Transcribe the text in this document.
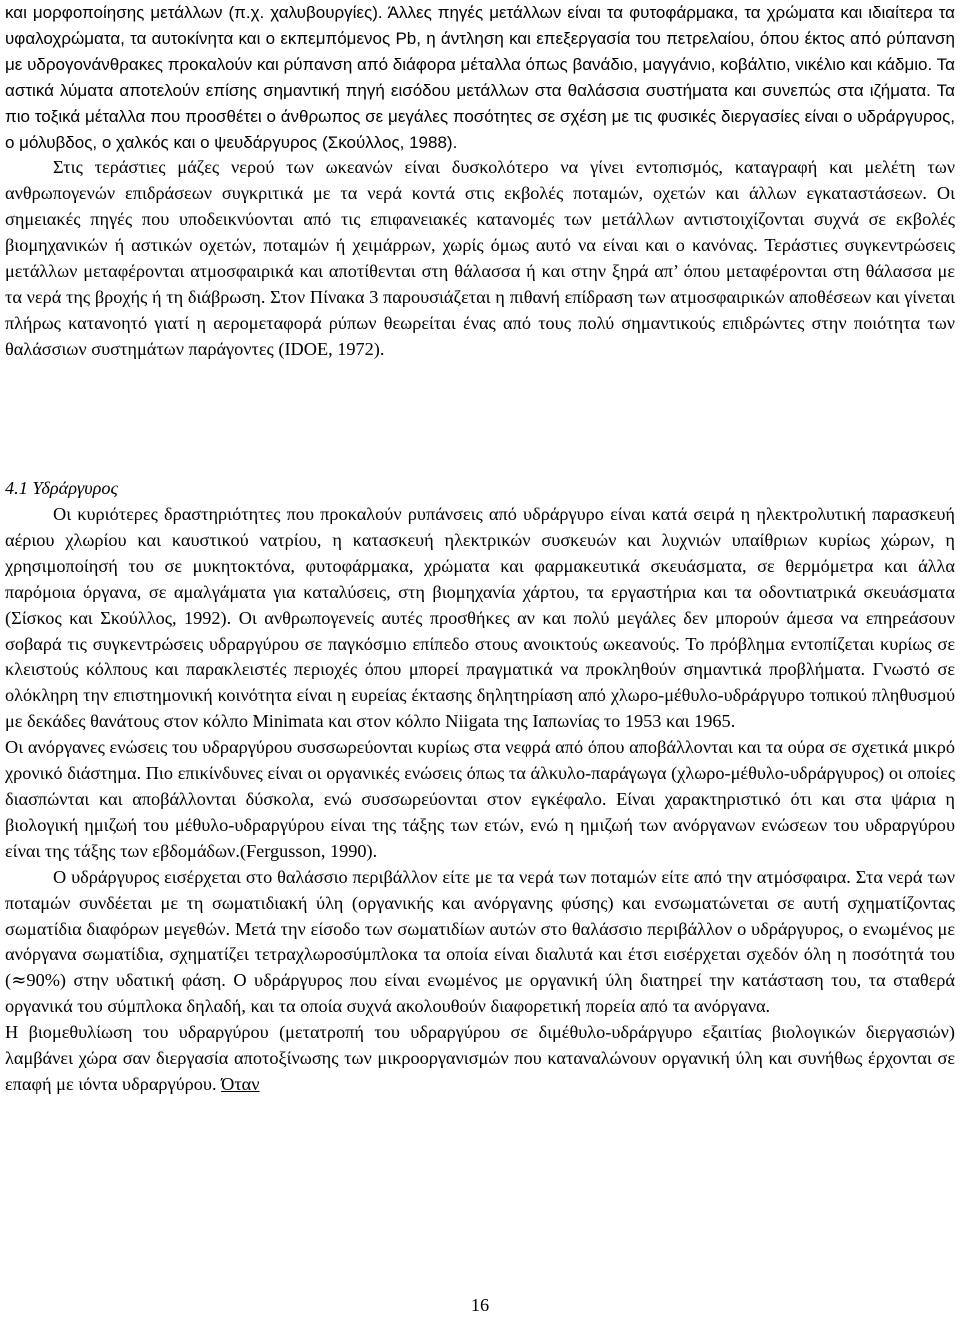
και μορφοποίησης μετάλλων (π.χ. χαλυβουργίες). Άλλες πηγές μετάλλων είναι τα φυτοφάρμακα, τα χρώματα και ιδιαίτερα τα υφαλοχρώματα, τα αυτοκίνητα και ο εκπεμπόμενος Pb, η άντληση και επεξεργασία του πετρελαίου, όπου έκτος από ρύπανση με υδρογονάνθρακες προκαλούν και ρύπανση από διάφορα μέταλλα όπως βανάδιο, μαγγάνιο, κοβάλτιο, νικέλιο και κάδμιο. Τα αστικά λύματα αποτελούν επίσης σημαντική πηγή εισόδου μετάλλων στα θαλάσσια συστήματα και συνεπώς στα ιζήματα. Τα πιο τοξικά μέταλλα που προσθέτει ο άνθρωπος σε μεγάλες ποσότητες σε σχέση με τις φυσικές διεργασίες είναι ο υδράργυρος, ο μόλυβδος, ο χαλκός και ο ψευδάργυρος (Σκούλλος, 1988).
Στις τεράστιες μάζες νερού των ωκεανών είναι δυσκολότερο να γίνει εντοπισμός, καταγραφή και μελέτη των ανθρωπογενών επιδράσεων συγκριτικά με τα νερά κοντά στις εκβολές ποταμών, οχετών και άλλων εγκαταστάσεων. Οι σημειακές πηγές που υποδεικνύονται από τις επιφανειακές κατανομές των μετάλλων αντιστοιχίζονται συχνά σε εκβολές βιομηχανικών ή αστικών οχετών, ποταμών ή χειμάρρων, χωρίς όμως αυτό να είναι και ο κανόνας. Τεράστιες συγκεντρώσεις μετάλλων μεταφέρονται ατμοσφαιρικά και αποτίθενται στη θάλασσα ή και στην ξηρά απ’ όπου μεταφέρονται στη θάλασσα με τα νερά της βροχής ή τη διάβρωση. Στον Πίνακα 3 παρουσιάζεται η πιθανή επίδραση των ατμοσφαιρικών αποθέσεων και γίνεται πλήρως κατανοητό γιατί η αερομεταφορά ρύπων θεωρείται ένας από τους πολύ σημαντικούς επιδρώντες στην ποιότητα των θαλάσσιων συστημάτων παράγοντες (IDOE, 1972).
4.1 Υδράργυρος
Οι κυριότερες δραστηριότητες που προκαλούν ρυπάνσεις από υδράργυρο είναι κατά σειρά η ηλεκτρολυτική παρασκευή αέριου χλωρίου και καυστικού νατρίου, η κατασκευή ηλεκτρικών συσκευών και λυχνιών υπαίθριων κυρίως χώρων, η χρησιμοποίησή του σε μυκητοκτόνα, φυτοφάρμακα, χρώματα και φαρμακευτικά σκευάσματα, σε θερμόμετρα και άλλα παρόμοια όργανα, σε αμαλγάματα για καταλύσεις, στη βιομηχανία χάρτου, τα εργαστήρια και τα οδοντιατρικά σκευάσματα (Σίσκος και Σκούλλος, 1992). Οι ανθρωπογενείς αυτές προσθήκες αν και πολύ μεγάλες δεν μπορούν άμεσα να επηρεάσουν σοβαρά τις συγκεντρώσεις υδραργύρου σε παγκόσμιο επίπεδο στους ανοικτούς ωκεανούς. Το πρόβλημα εντοπίζεται κυρίως σε κλειστούς κόλπους και παρακλειστές περιοχές όπου μπορεί πραγματικά να προκληθούν σημαντικά προβλήματα. Γνωστό σε ολόκληρη την επιστημονική κοινότητα είναι η ευρείας έκτασης δηλητηρίαση από χλωρο-μέθυλο-υδράργυρο τοπικού πληθυσμού με δεκάδες θανάτους στον κόλπο Minimata και στον κόλπο Niigata της Ιαπωνίας το 1953 και 1965.
Οι ανόργανες ενώσεις του υδραργύρου συσσωρεύονται κυρίως στα νεφρά από όπου αποβάλλονται και τα ούρα σε σχετικά μικρό χρονικό διάστημα. Πιο επικίνδυνες είναι οι οργανικές ενώσεις όπως τα άλκυλο-παράγωγα (χλωρο-μέθυλο-υδράργυρος) οι οποίες διασπώνται και αποβάλλονται δύσκολα, ενώ συσσωρεύονται στον εγκέφαλο. Είναι χαρακτηριστικό ότι και στα ψάρια η βιολογική ημιζωή του μέθυλο-υδραργύρου είναι της τάξης των ετών, ενώ η ημιζωή των ανόργανων ενώσεων του υδραργύρου είναι της τάξης των εβδομάδων.(Fergusson, 1990).
Ο υδράργυρος εισέρχεται στο θαλάσσιο περιβάλλον είτε με τα νερά των ποταμών είτε από την ατμόσφαιρα. Στα νερά των ποταμών συνδέεται με τη σωματιδιακή ύλη (οργανικής και ανόργανης φύσης) και ενσωματώνεται σε αυτή σχηματίζοντας σωματίδια διαφόρων μεγεθών. Μετά την είσοδο των σωματιδίων αυτών στο θαλάσσιο περιβάλλον ο υδράργυρος, ο ενωμένος με ανόργανα σωματίδια, σχηματίζει τετραχλωροσύμπλοκα τα οποία είναι διαλυτά και έτσι εισέρχεται σχεδόν όλη η ποσότητά του (≈90%) στην υδατική φάση. Ο υδράργυρος που είναι ενωμένος με οργανική ύλη διατηρεί την κατάσταση του, τα σταθερά οργανικά του σύμπλοκα δηλαδή, και τα οποία συχνά ακολουθούν διαφορετική πορεία από τα ανόργανα.
Η βιομεθυλίωση του υδραργύρου (μετατροπή του υδραργύρου σε διμέθυλο-υδράργυρο εξαιτίας βιολογικών διεργασιών) λαμβάνει χώρα σαν διεργασία αποτοξίνωσης των μικροοργανισμών που καταναλώνουν οργανική ύλη και συνήθως έρχονται σε επαφή με ιόντα υδραργύρου. Όταν
16
